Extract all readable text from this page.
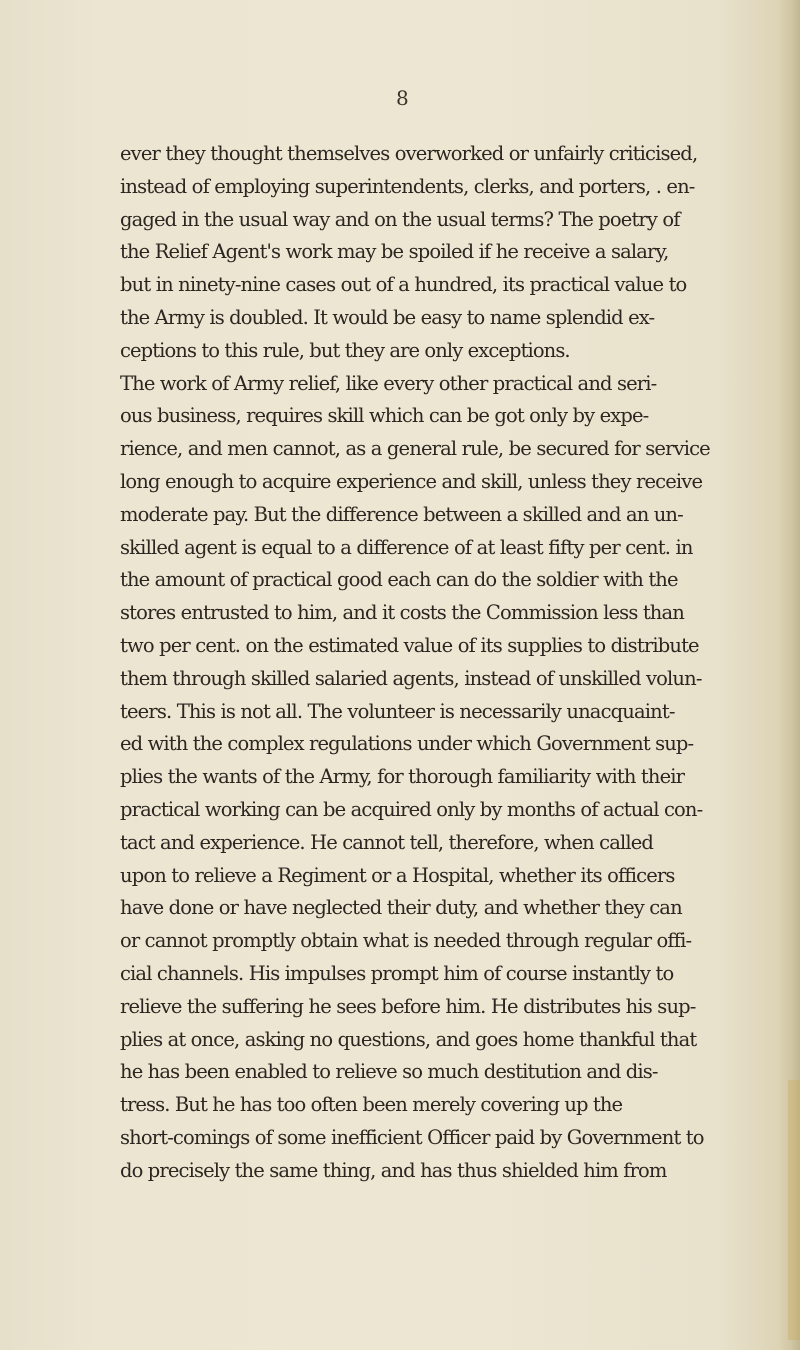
8
ever they thought themselves overworked or unfairly criticised,
instead of employing superintendents, clerks, and porters, . en-
gaged in the usual way and on the usual terms? The poetry of
the Relief Agent's work may be spoiled if he receive a salary,
but in ninety-nine cases out of a hundred, its practical value to
the Army is doubled. It would be easy to name splendid ex-
ceptions to this rule, but they are only exceptions.
The work of Army relief, like every other practical and seri-
ous business, requires skill which can be got only by expe-
rience, and men cannot, as a general rule, be secured for service
long enough to acquire experience and skill, unless they receive
moderate pay. But the difference between a skilled and an un-
skilled agent is equal to a difference of at least fifty per cent. in
the amount of practical good each can do the soldier with the
stores entrusted to him, and it costs the Commission less than
two per cent. on the estimated value of its supplies to distribute
them through skilled salaried agents, instead of unskilled volun-
teers. This is not all. The volunteer is necessarily unacquaint-
ed with the complex regulations under which Government sup-
plies the wants of the Army, for thorough familiarity with their
practical working can be acquired only by months of actual con-
tact and experience. He cannot tell, therefore, when called
upon to relieve a Regiment or a Hospital, whether its officers
have done or have neglected their duty, and whether they can
or cannot promptly obtain what is needed through regular offi-
cial channels. His impulses prompt him of course instantly to
relieve the suffering he sees before him. He distributes his sup-
plies at once, asking no questions, and goes home thankful that
he has been enabled to relieve so much destitution and dis-
tress. But he has too often been merely covering up the
short-comings of some inefficient Officer paid by Government to
do precisely the same thing, and has thus shielded him from
